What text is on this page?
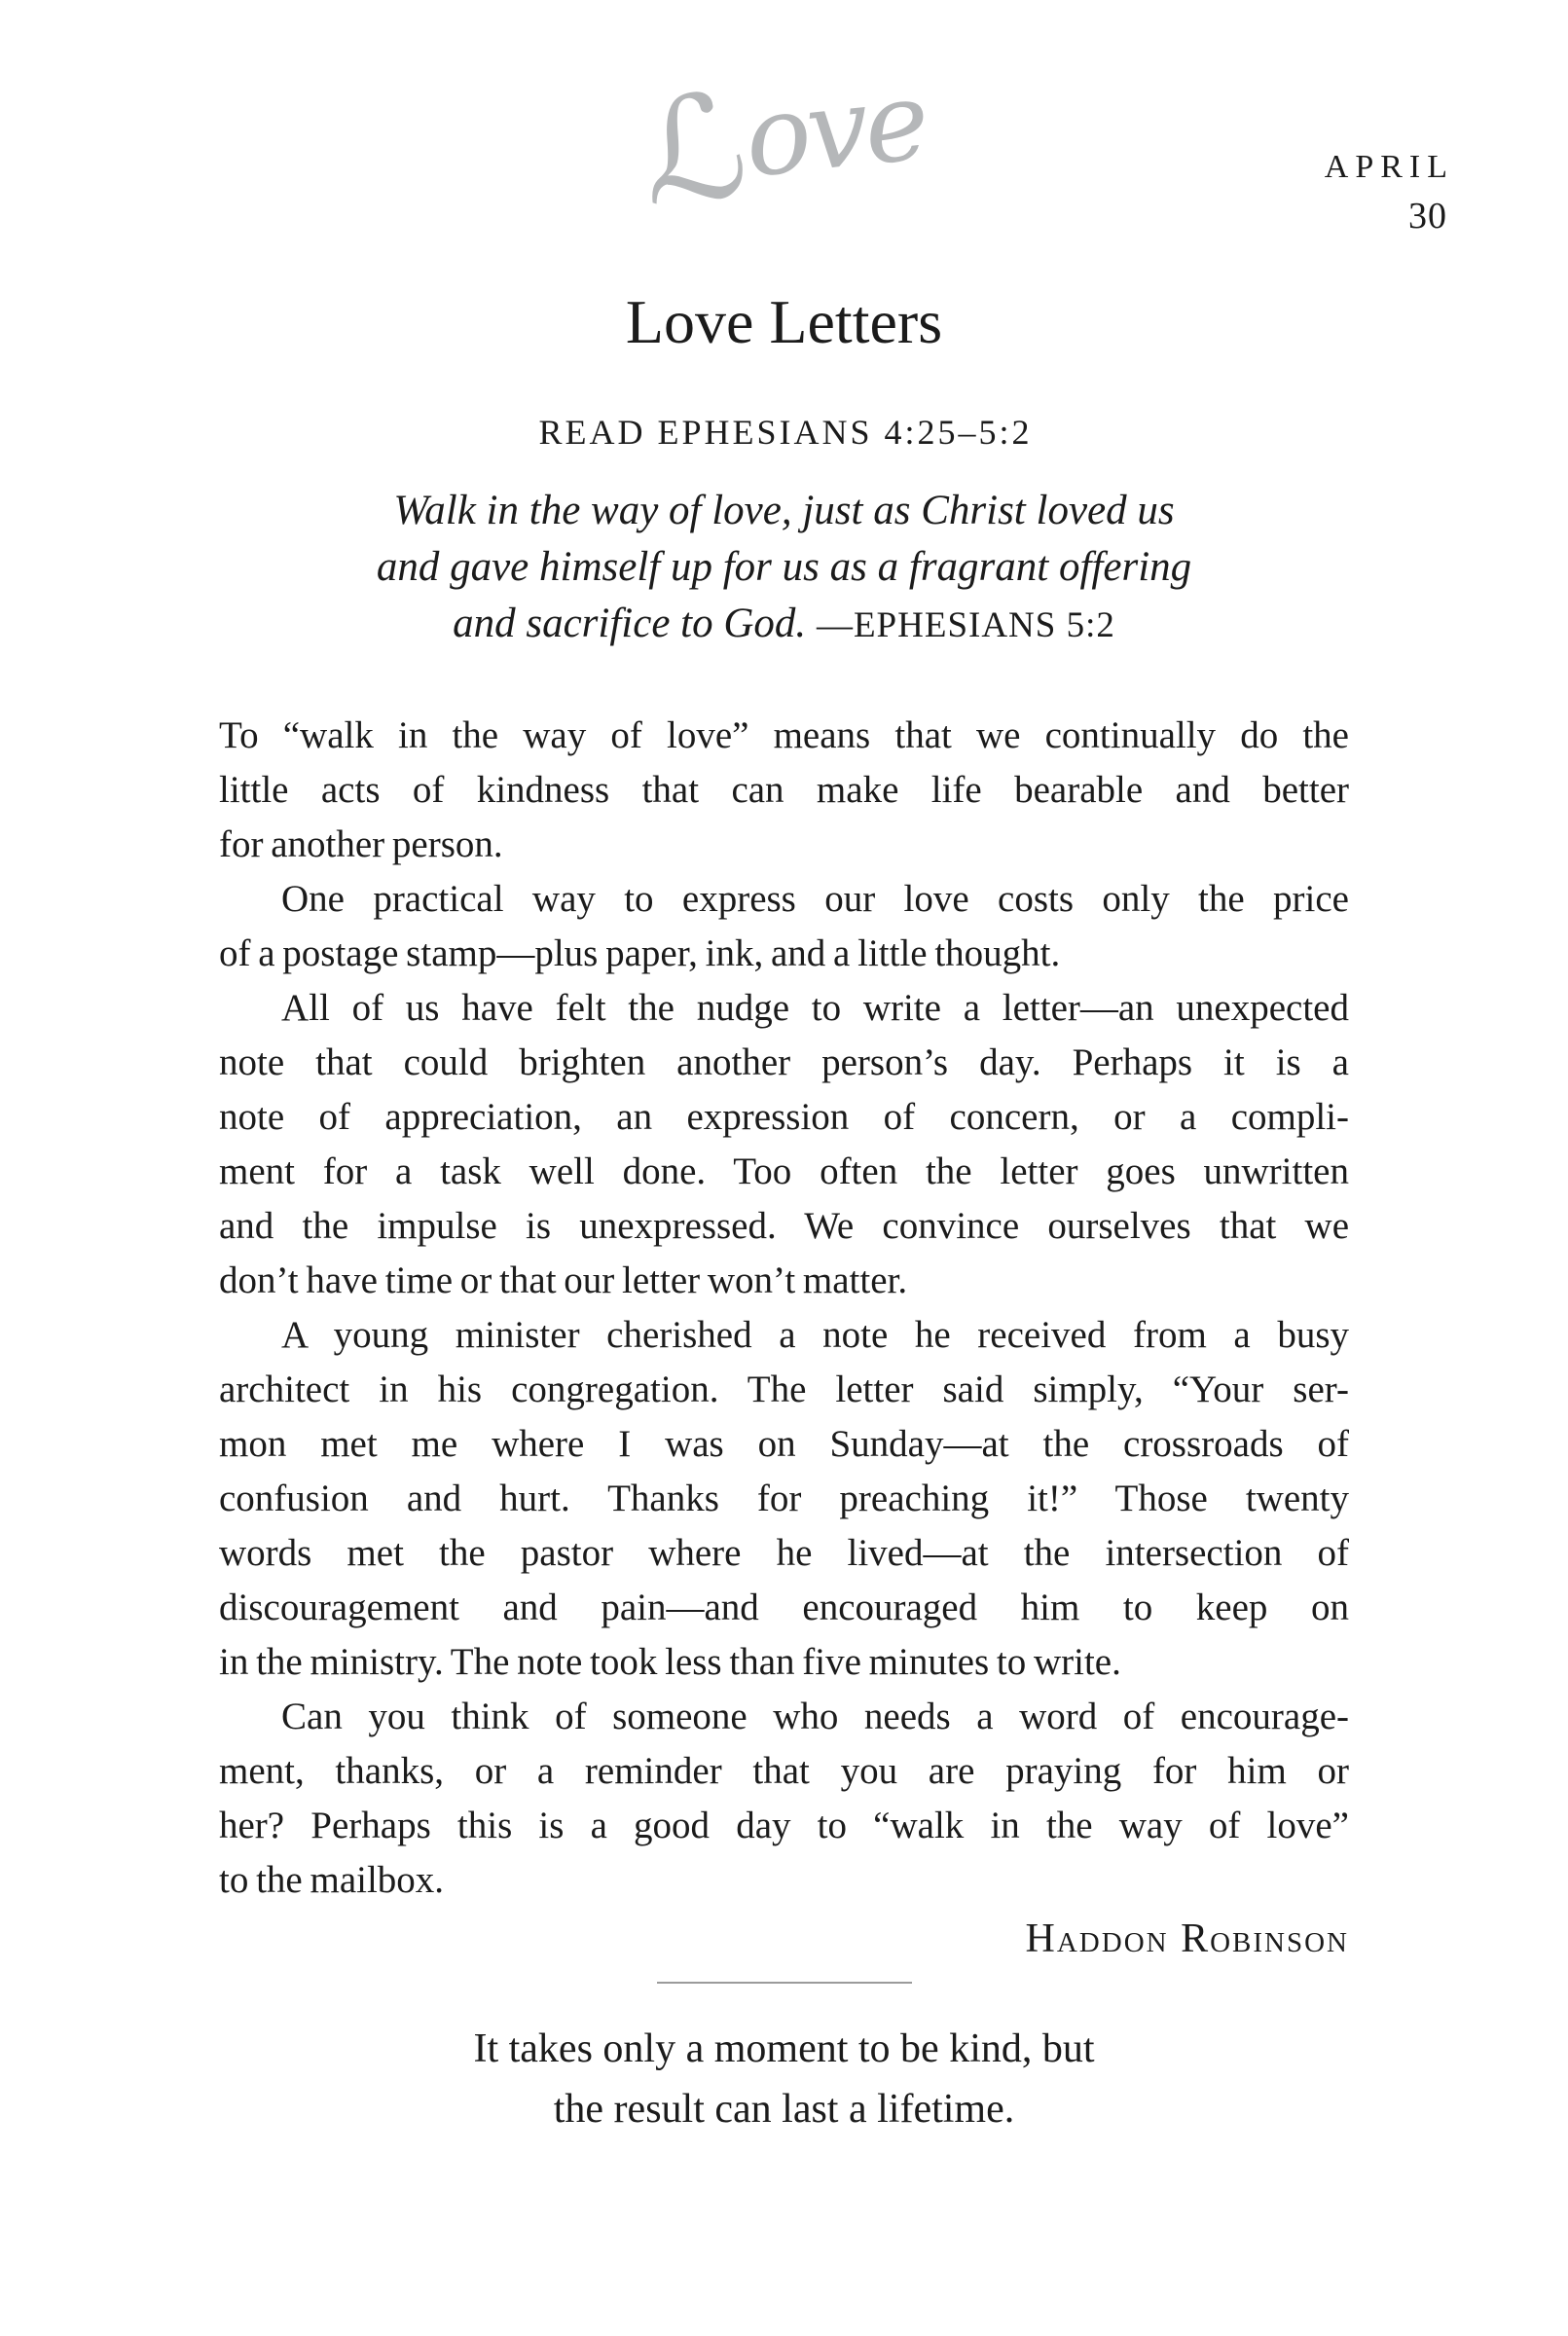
ℒove	APRIL
30
Love Letters
READ EPHESIANS 4:25–5:2
Walk in the way of love, just as Christ loved us
and gave himself up for us as a fragrant offering
and sacrifice to God. —EPHESIANS 5:2
To “walk in the way of love” means that we continually do the
little acts of kindness that can make life bearable and better
for another person.
One practical way to express our love costs only the price
of a postage stamp—plus paper, ink, and a little thought.
All of us have felt the nudge to write a letter—an unexpected
note that could brighten another person’s day. Perhaps it is a
note of appreciation, an expression of concern, or a compli-
ment for a task well done. Too often the letter goes unwritten
and the impulse is unexpressed. We convince ourselves that we
don’t have time or that our letter won’t matter.
A young minister cherished a note he received from a busy
architect in his congregation. The letter said simply, “Your ser-
mon met me where I was on Sunday—at the crossroads of
confusion and hurt. Thanks for preaching it!” Those twenty
words met the pastor where he lived—at the intersection of
discouragement and pain—and encouraged him to keep on
in the ministry. The note took less than five minutes to write.
Can you think of someone who needs a word of encourage-
ment, thanks, or a reminder that you are praying for him or
her? Perhaps this is a good day to “walk in the way of love”
to the mailbox.
Haddon Robinson
It takes only a moment to be kind, but
the result can last a lifetime.
